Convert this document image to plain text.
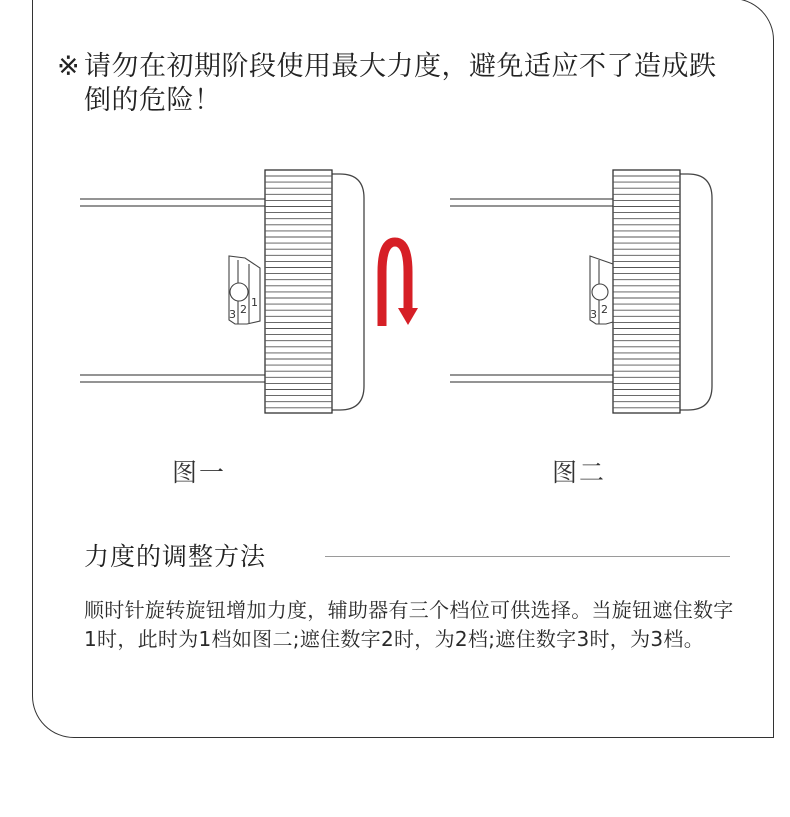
※ 请勿在初期阶段使用最大力度，避免适应不了造成跌
倒的危险！

3 2
1
3 2
图一	图二
力度的调整方法

顺时针旋转旋钮增加力度，辅助器有三个档位可供选择。当旋钮遮住数字1时，此时为1档如图二;遮住数字2时，为2档;遮住数字3时，为3档。
